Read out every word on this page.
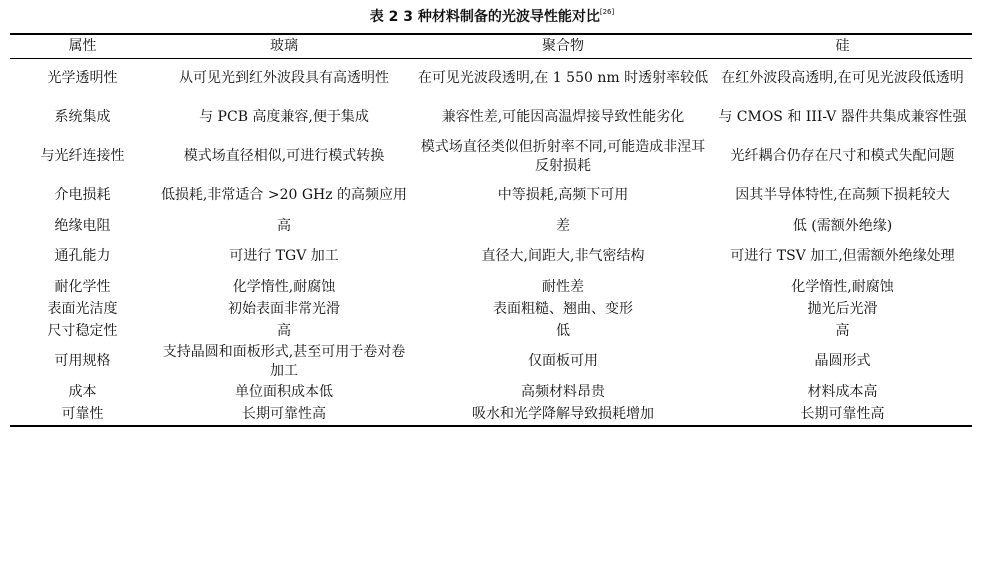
表 2 3 种材料制备的光波导性能对比[26]
属性	玻璃	聚合物	硅
光学透明性	从可见光到红外波段具有高透明性	在可见光波段透明,在 1 550 nm 时透射率较低	在红外波段高透明,在可见光波段低透明
系统集成	与 PCB 高度兼容,便于集成	兼容性差,可能因高温焊接导致性能劣化	与 CMOS 和 III-V 器件共集成兼容性强
与光纤连接性	模式场直径相似,可进行模式转换	模式场直径类似但折射率不同,可能造成非涅耳反射损耗	光纤耦合仍存在尺寸和模式失配问题
介电损耗	低损耗,非常适合 >20 GHz 的高频应用	中等损耗,高频下可用	因其半导体特性,在高频下损耗较大
绝缘电阻	高	差	低 (需额外绝缘)
通孔能力	可进行 TGV 加工	直径大,间距大,非气密结构	可进行 TSV 加工,但需额外绝缘处理
耐化学性	化学惰性,耐腐蚀	耐性差	化学惰性,耐腐蚀
表面光洁度	初始表面非常光滑	表面粗糙、翘曲、变形	抛光后光滑
尺寸稳定性	高	低	高
可用规格	支持晶圆和面板形式,甚至可用于卷对卷加工	仅面板可用	晶圆形式
成本	单位面积成本低	高频材料昂贵	材料成本高
可靠性	长期可靠性高	吸水和光学降解导致损耗增加	长期可靠性高
